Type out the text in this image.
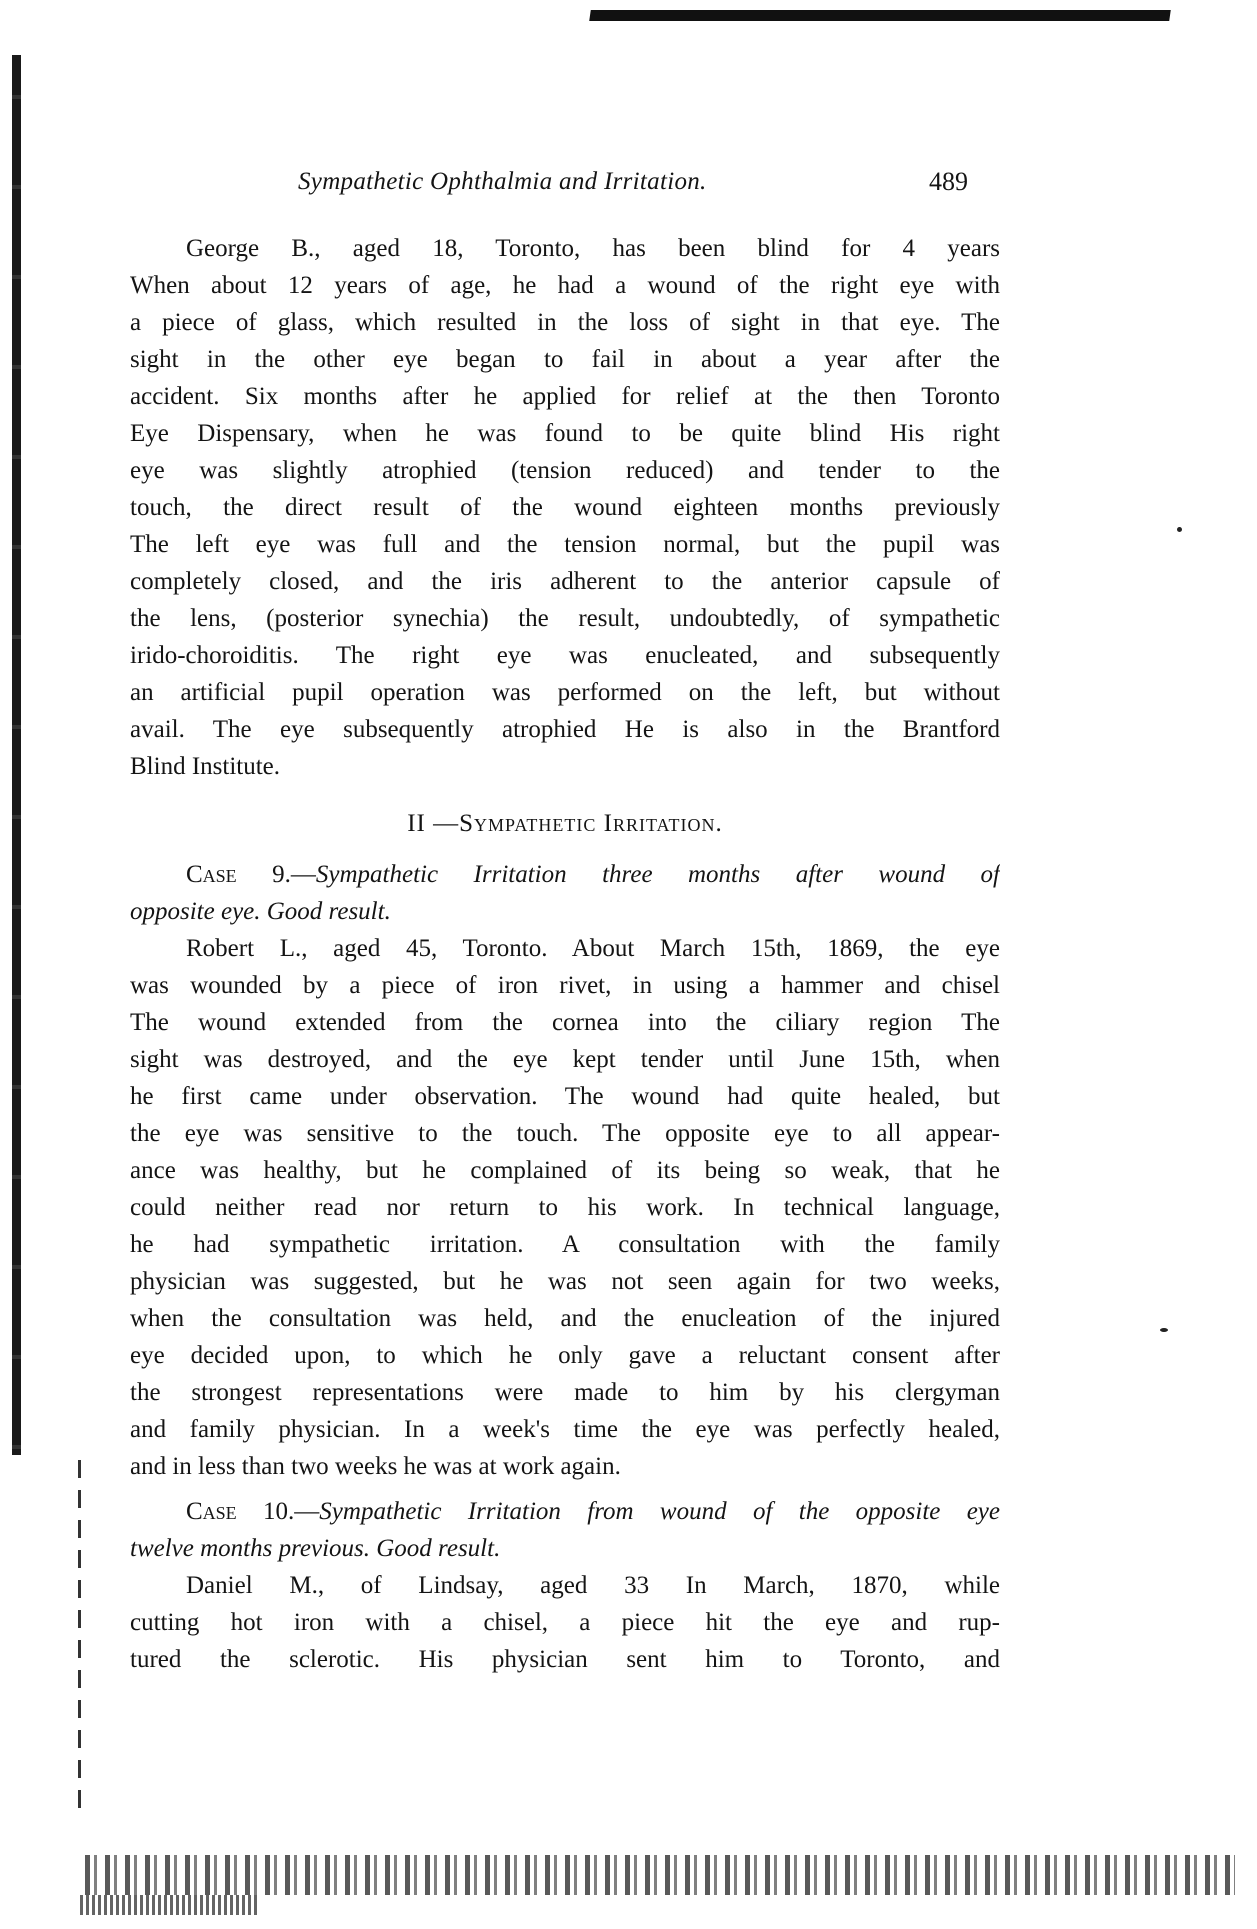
Sympathetic Ophthalmia and Irritation.	489
George B., aged 18, Toronto, has been blind for 4 years
When about 12 years of age, he had a wound of the right eye with
a piece of glass, which resulted in the loss of sight in that eye. The
sight in the other eye began to fail in about a year after the
accident. Six months after he applied for relief at the then Toronto
Eye Dispensary, when he was found to be quite blind His right
eye was slightly atrophied (tension reduced) and tender to the
touch, the direct result of the wound eighteen months previously
The left eye was full and the tension normal, but the pupil was
completely closed, and the iris adherent to the anterior capsule of
the lens, (posterior synechia) the result, undoubtedly, of sympathetic
irido-choroiditis. The right eye was enucleated, and subsequently
an artificial pupil operation was performed on the left, but without
avail. The eye subsequently atrophied He is also in the Brantford
Blind Institute.
II —Sympathetic Irritation.
Case 9.—Sympathetic Irritation three months after wound of
opposite eye. Good result.
Robert L., aged 45, Toronto. About March 15th, 1869, the eye
was wounded by a piece of iron rivet, in using a hammer and chisel
The wound extended from the cornea into the ciliary region The
sight was destroyed, and the eye kept tender until June 15th, when
he first came under observation. The wound had quite healed, but
the eye was sensitive to the touch. The opposite eye to all appear-
ance was healthy, but he complained of its being so weak, that he
could neither read nor return to his work. In technical language,
he had sympathetic irritation. A consultation with the family
physician was suggested, but he was not seen again for two weeks,
when the consultation was held, and the enucleation of the injured
eye decided upon, to which he only gave a reluctant consent after
the strongest representations were made to him by his clergyman
and family physician. In a week's time the eye was perfectly healed,
and in less than two weeks he was at work again.
Case 10.—Sympathetic Irritation from wound of the opposite eye
twelve months previous. Good result.
Daniel M., of Lindsay, aged 33 In March, 1870, while
cutting hot iron with a chisel, a piece hit the eye and rup-
tured the sclerotic. His physician sent him to Toronto, and
